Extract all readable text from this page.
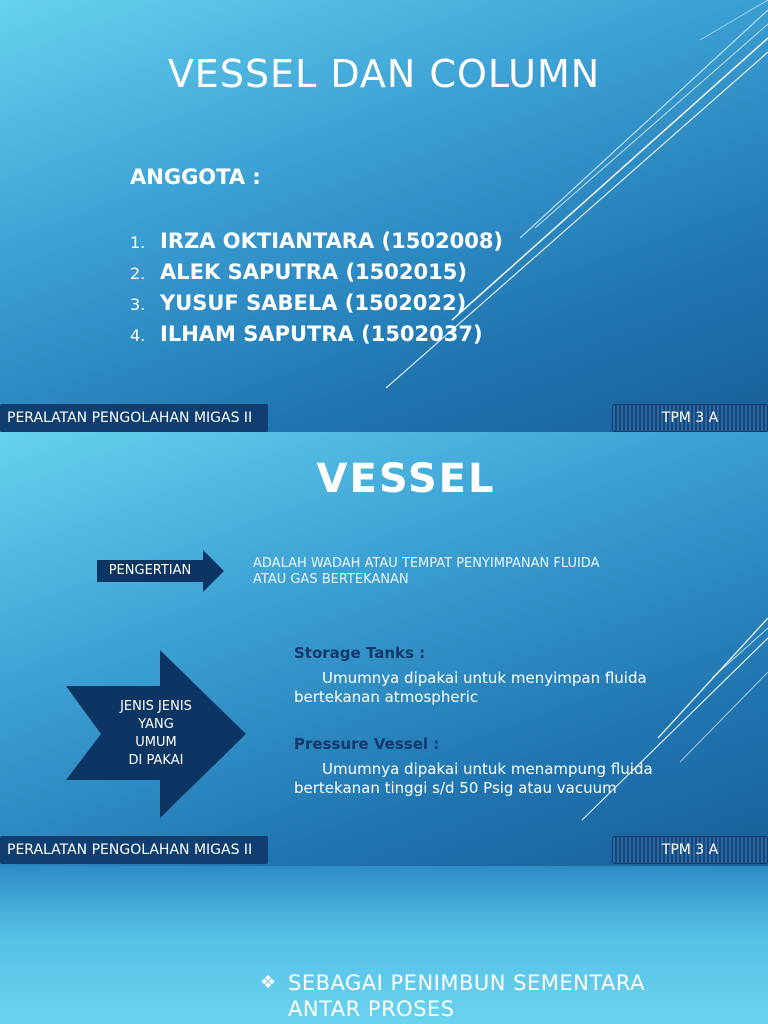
VESSEL DAN COLUMN
ANGGOTA :
1. IRZA OKTIANTARA (1502008)
2. ALEK SAPUTRA (1502015)
3. YUSUF SABELA (1502022)
4. ILHAM SAPUTRA (1502037)
PERALATAN PENGOLAHAN MIGAS II	TPM 3 A
VESSEL
PENGERTIAN	ADALAH WADAH ATAU TEMPAT PENYIMPANAN FLUIDA ATAU GAS BERTEKANAN
JENIS JENIS
YANG
UMUM
DI PAKAI
Storage Tanks :
Umumnya dipakai untuk menyimpan fluida bertekanan atmospheric
Pressure Vessel :
Umumnya dipakai untuk menampung fluida bertekanan tinggi s/d 50 Psig atau vacuum
PERALATAN PENGOLAHAN MIGAS II	TPM 3 A
❖ SEBAGAI PENIMBUN SEMENTARA ANTAR PROSES
